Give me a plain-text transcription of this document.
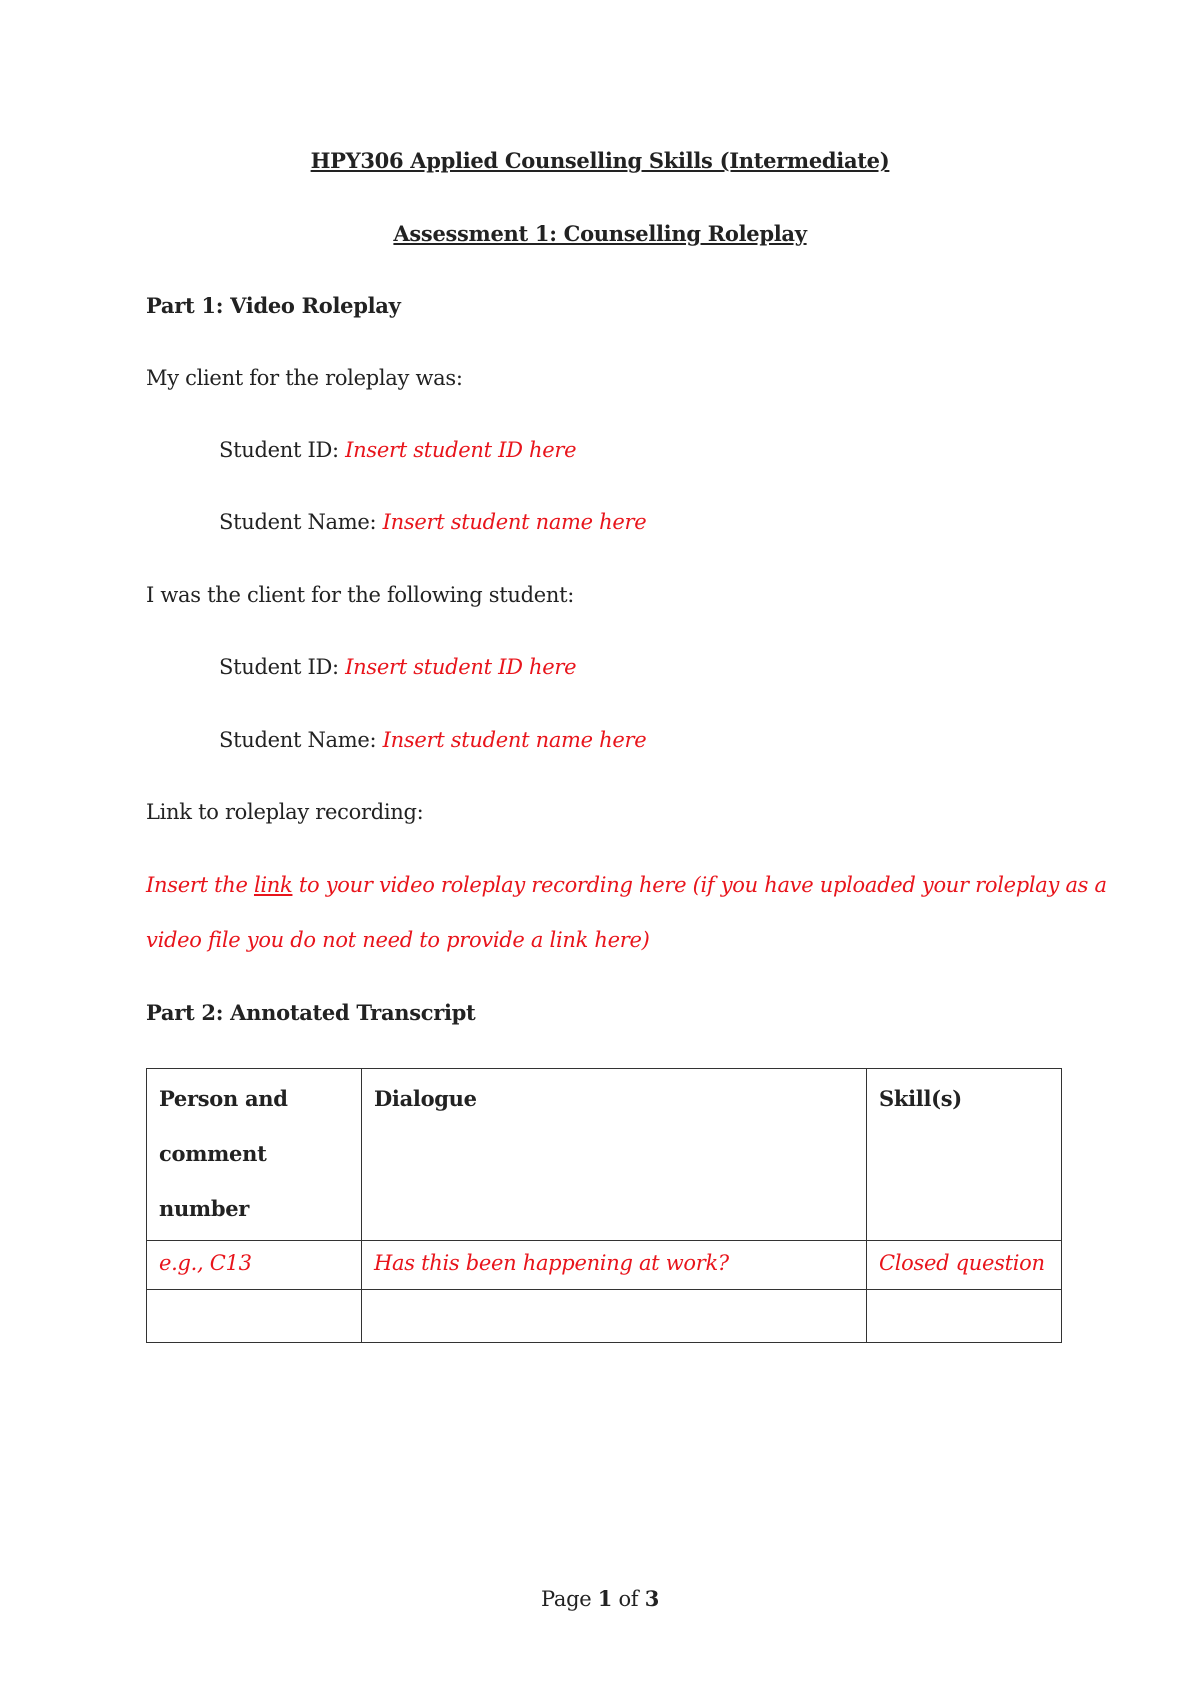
HPY306 Applied Counselling Skills (Intermediate)
Assessment 1: Counselling Roleplay
Part 1: Video Roleplay
My client for the roleplay was:
Student ID: Insert student ID here
Student Name: Insert student name here
I was the client for the following student:
Student ID: Insert student ID here
Student Name: Insert student name here
Link to roleplay recording:
Insert the link to your video roleplay recording here (if you have uploaded your roleplay as a
video file you do not need to provide a link here)
Part 2: Annotated Transcript
Person and
comment number	Dialogue	Skill(s)
e.g., C13	Has this been happening at work?	Closed question

Page 1 of 3
